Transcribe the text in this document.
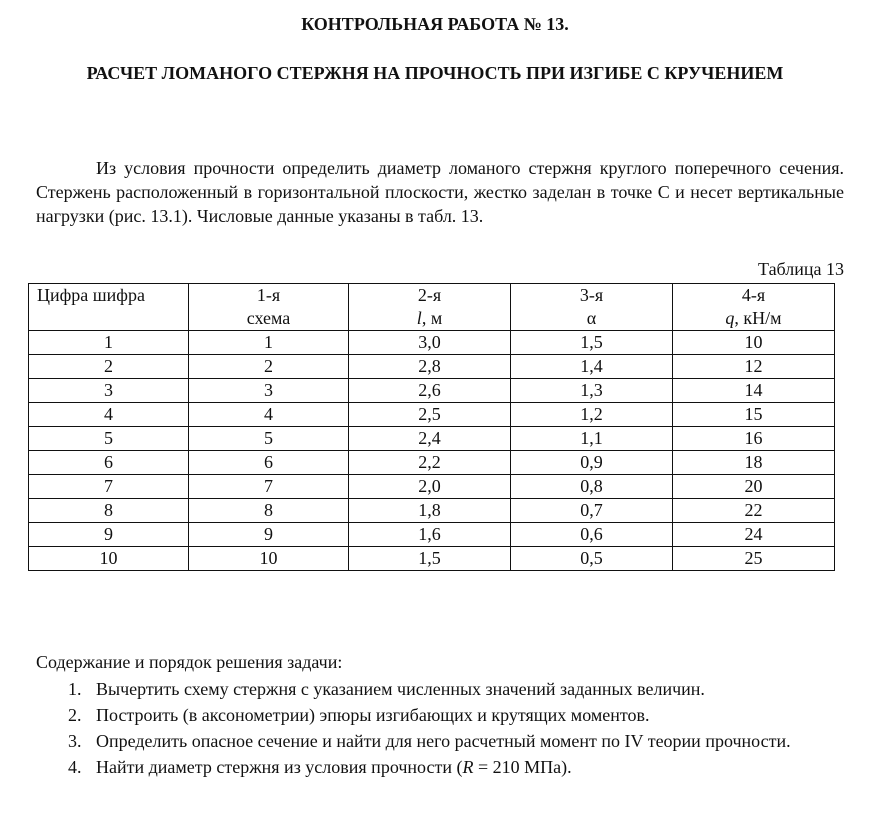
КОНТРОЛЬНАЯ РАБОТА № 13.
РАСЧЕТ ЛОМАНОГО СТЕРЖНЯ НА ПРОЧНОСТЬ ПРИ ИЗГИБЕ С КРУЧЕНИЕМ
Из условия прочности определить диаметр ломаного стержня круглого поперечного сечения. Стержень расположенный в горизонтальной плоскости, жестко заделан в точке С и несет вертикальные нагрузки (рис. 13.1). Числовые данные указаны в табл. 13.
Таблица 13
Цифра шифра	1-я	2-я	3-я	4-я
	схема	l, м	α	q, кН/м
1	1	3,0	1,5	10
2	2	2,8	1,4	12
3	3	2,6	1,3	14
4	4	2,5	1,2	15
5	5	2,4	1,1	16
6	6	2,2	0,9	18
7	7	2,0	0,8	20
8	8	1,8	0,7	22
9	9	1,6	0,6	24
10	10	1,5	0,5	25
Содержание и порядок решения задачи:
1. Вычертить схему стержня с указанием численных значений заданных величин.
2. Построить (в аксонометрии) эпюры изгибающих и крутящих моментов.
3. Определить опасное сечение и найти для него расчетный момент по IV теории прочности.
4. Найти диаметр стержня из условия прочности (R = 210 МПа).
